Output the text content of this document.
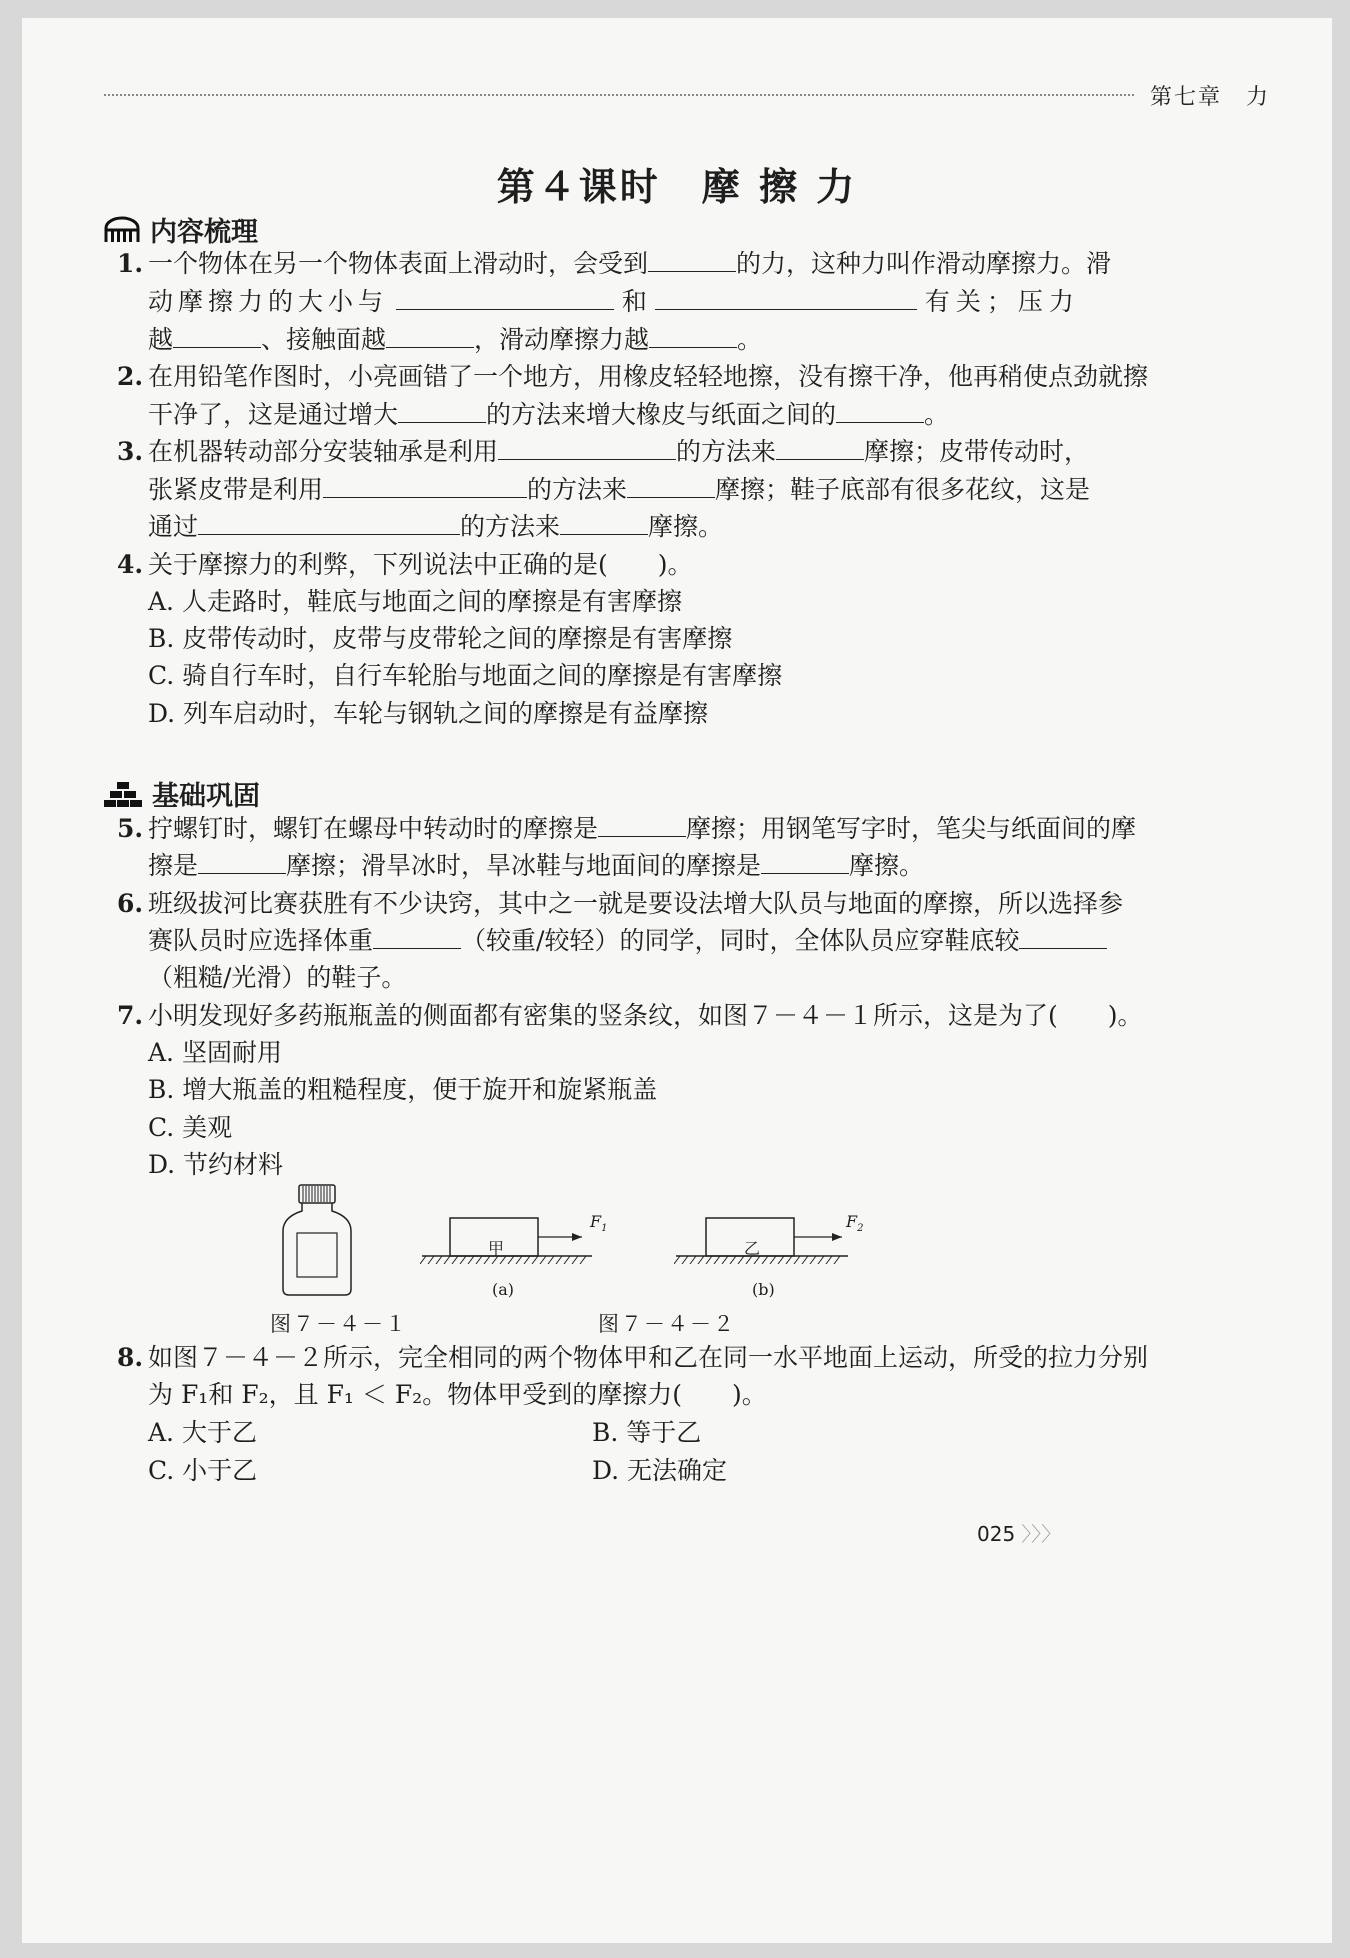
第七章　力
第４课时　摩 擦 力
内容梳理
1. 一个物体在另一个物体表面上滑动时，会受到	的力，这种力叫作滑动摩擦力。滑
动摩擦力的大小与	和	有关；压力
越	、接触面越	，滑动摩擦力越	。
2. 在用铅笔作图时，小亮画错了一个地方，用橡皮轻轻地擦，没有擦干净，他再稍使点劲就擦
干净了，这是通过增大	的方法来增大橡皮与纸面之间的	。
3. 在机器转动部分安装轴承是利用	的方法来	摩擦；皮带传动时，
张紧皮带是利用	的方法来	摩擦；鞋子底部有很多花纹，这是
通过	的方法来	摩擦。
4. 关于摩擦力的利弊，下列说法中正确的是(　　)。
A. 人走路时，鞋底与地面之间的摩擦是有害摩擦
B. 皮带传动时，皮带与皮带轮之间的摩擦是有害摩擦
C. 骑自行车时，自行车轮胎与地面之间的摩擦是有害摩擦
D. 列车启动时，车轮与钢轨之间的摩擦是有益摩擦
基础巩固
5. 拧螺钉时，螺钉在螺母中转动时的摩擦是	摩擦；用钢笔写字时，笔尖与纸面间的摩
擦是	摩擦；滑旱冰时，旱冰鞋与地面间的摩擦是	摩擦。
6. 班级拔河比赛获胜有不少诀窍，其中之一就是要设法增大队员与地面的摩擦，所以选择参
赛队员时应选择体重	（较重/较轻）的同学，同时，全体队员应穿鞋底较
（粗糙/光滑）的鞋子。
7. 小明发现好多药瓶瓶盖的侧面都有密集的竖条纹，如图７－４－１所示，这是为了(　　)。
A. 坚固耐用
B. 增大瓶盖的粗糙程度，便于旋开和旋紧瓶盖
C. 美观
D. 节约材料
图７－４－１
甲
$F_1$
(a)
乙
$F_2$
(b)
图７－４－２
8. 如图７－４－２所示，完全相同的两个物体甲和乙在同一水平地面上运动，所受的拉力分别
为 F₁和 F₂，且 F₁ ＜ F₂。物体甲受到的摩擦力(　　)。
A. 大于乙	B. 等于乙
C. 小于乙	D. 无法确定
025 〉〉〉
